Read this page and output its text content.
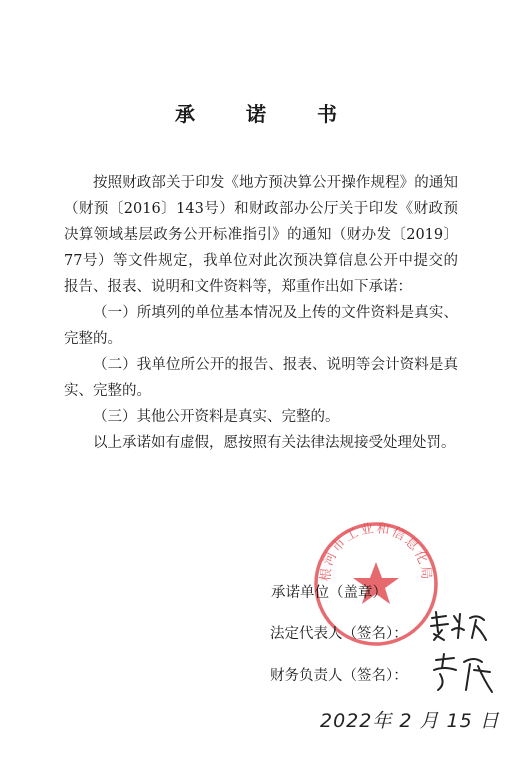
承 诺 书

按照财政部关于印发《地方预决算公开操作规程》的通知（财预〔2016〕143号）和财政部办公厅关于印发《财政预决算领域基层政务公开标准指引》的通知（财办发〔2019〕77号）等文件规定，我单位对此次预决算信息公开中提交的报告、报表、说明和文件资料等，郑重作出如下承诺：

（一）所填列的单位基本情况及上传的文件资料是真实、完整的。

（二）我单位所公开的报告、报表、说明等会计资料是真实、完整的。

（三）其他公开资料是真实、完整的。

以上承诺如有虚假，愿按照有关法律法规接受处理处罚。

根河市工业和信息化局
承诺单位（盖章）
法定代表人（签名）：
财务负责人（签名）：
2022年 2 月 15 日
